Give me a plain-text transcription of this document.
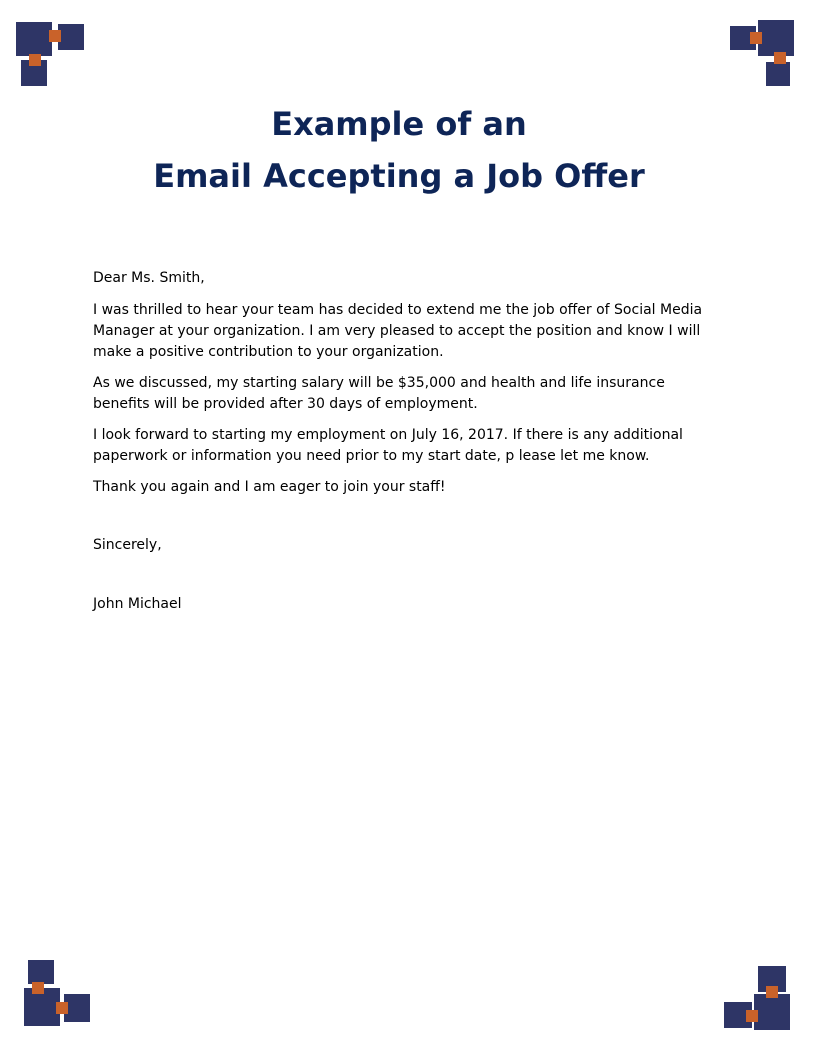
Example of an
Email Accepting a Job Offer

Dear Ms. Smith,

I was thrilled to hear your team has decided to extend me the job offer of Social Media Manager at your organization. I am very pleased to accept the position and know I will make a positive contribution to your organization.

As we discussed, my starting salary will be $35,000 and health and life insurance benefits will be provided after 30 days of employment.

I look forward to starting my employment on July 16, 2017. If there is any additional paperwork or information you need prior to my start date, p lease let me know.

Thank you again and I am eager to join your staff!

Sincerely,

John Michael
